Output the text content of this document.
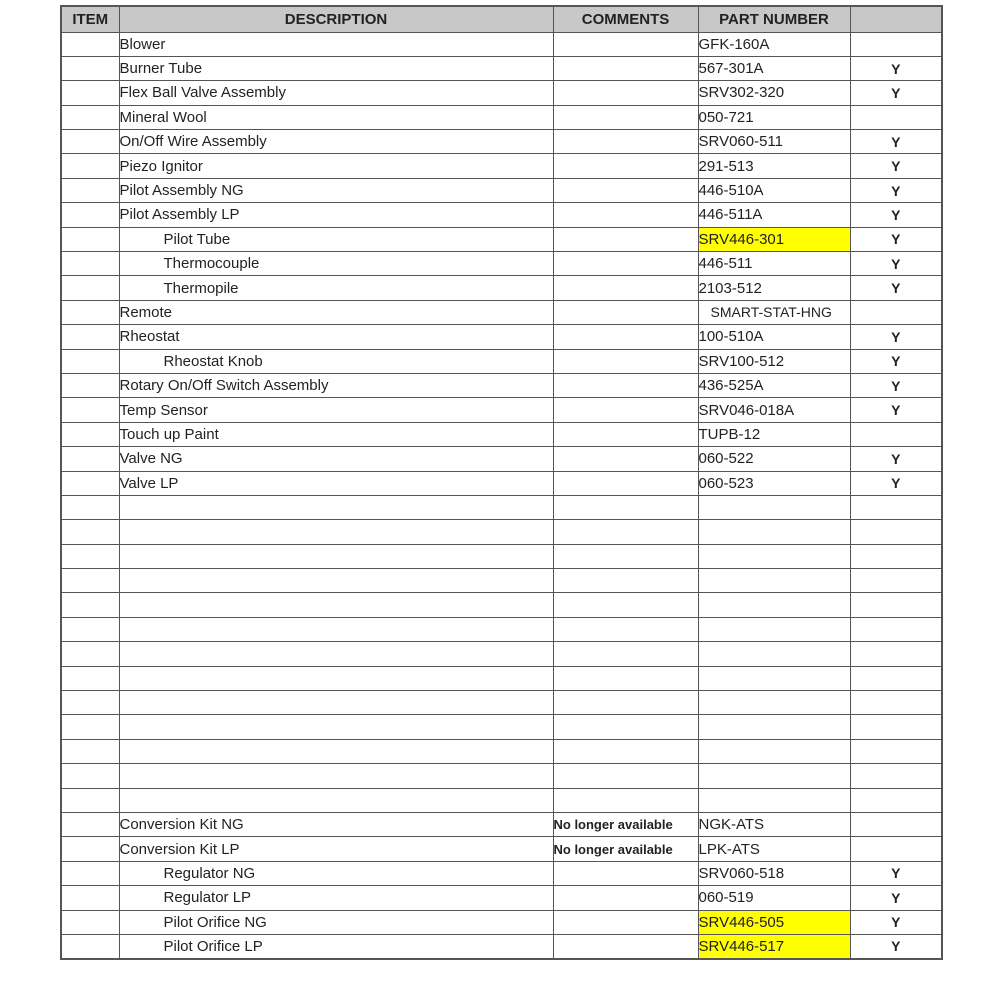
ITEM	DESCRIPTION	COMMENTS	PART NUMBER	
	Blower		GFK-160A	
	Burner Tube		567-301A	Y
	Flex Ball Valve Assembly		SRV302-320	Y
	Mineral Wool		050-721	
	On/Off Wire Assembly		SRV060-511	Y
	Piezo Ignitor		291-513	Y
	Pilot Assembly NG		446-510A	Y
	Pilot Assembly LP		446-511A	Y
	Pilot Tube		SRV446-301	Y
	Thermocouple		446-511	Y
	Thermopile		2103-512	Y
	Remote		SMART-STAT-HNG	
	Rheostat		100-510A	Y
	Rheostat Knob		SRV100-512	Y
	Rotary On/Off Switch Assembly		436-525A	Y
	Temp Sensor		SRV046-018A	Y
	Touch up Paint		TUPB-12	
	Valve NG		060-522	Y
	Valve LP		060-523	Y

	Conversion Kit NG	No longer available	NGK-ATS	
	Conversion Kit LP	No longer available	LPK-ATS	
	Regulator NG		SRV060-518	Y
	Regulator LP		060-519	Y
	Pilot Orifice NG		SRV446-505	Y
	Pilot Orifice LP		SRV446-517	Y
